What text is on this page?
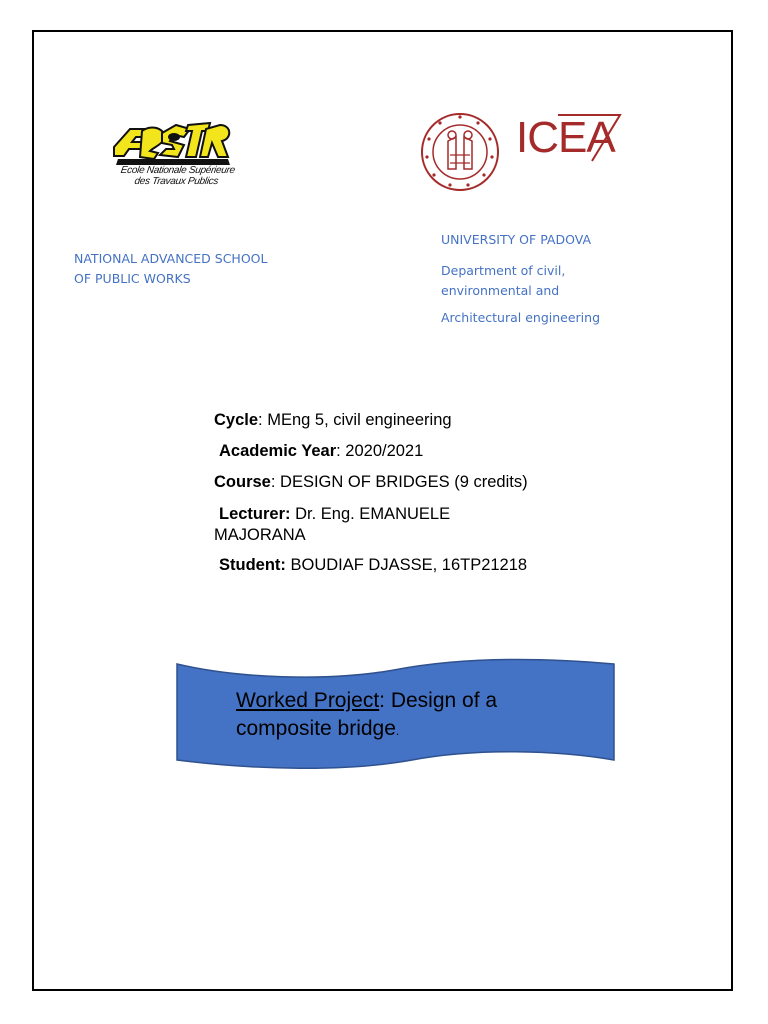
Ecole Nationale Supérieure
des Travaux Publics
ICEA
NATIONAL ADVANCED SCHOOL
OF PUBLIC WORKS
UNIVERSITY OF PADOVA
Department of civil,
environmental and
Architectural engineering
Cycle: MEng 5, civil engineering
Academic Year: 2020/2021
Course: DESIGN OF BRIDGES (9 credits)
Lecturer: Dr. Eng. EMANUELE
MAJORANA
Student: BOUDIAF DJASSE, 16TP21218
Worked Project: Design of a
composite bridge.
